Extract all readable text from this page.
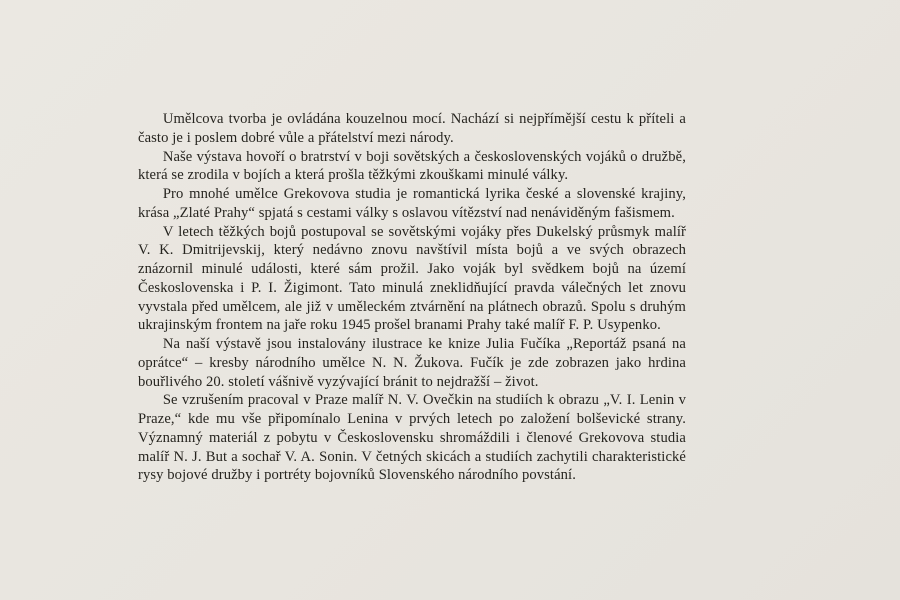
Umělcova tvorba je ovládána kouzelnou mocí. Nachází si nejpřímější cestu k příteli a často je i poslem dobré vůle a přátelství mezi národy.

Naše výstava hovoří o bratrství v boji sovětských a československých vojáků o družbě, která se zrodila v bojích a která prošla těžkými zkouškami minulé války.

Pro mnohé umělce Grekovova studia je romantická lyrika české a slovenské krajiny, krása „Zlaté Prahy“ spjatá s cestami války s oslavou vítězství nad nenáviděným fašismem.

V letech těžkých bojů postupoval se sovětskými vojáky přes Dukelský průsmyk malíř V. K. Dmitrijevskij, který nedávno znovu navštívil místa bojů a ve svých obrazech znázornil minulé události, které sám prožil. Jako voják byl svědkem bojů na území Československa i P. I. Žigimont. Tato minulá zneklidňující pravda válečných let znovu vyvstala před umělcem, ale již v uměleckém ztvárnění na plátnech obrazů. Spolu s druhým ukrajinským frontem na jaře roku 1945 prošel branami Prahy také malíř F. P. Usypenko.

Na naší výstavě jsou instalovány ilustrace ke knize Julia Fučíka „Reportáž psaná na oprátce“ – kresby národního umělce N. N. Žukova. Fučík je zde zobrazen jako hrdina bouřlivého 20. století vášnivě vyzývající bránit to nejdražší – život.

Se vzrušením pracoval v Praze malíř N. V. Ovečkin na studiích k obrazu „V. I. Lenin v Praze,“ kde mu vše připomínalo Lenina v prvých letech po založení bolševické strany. Významný materiál z pobytu v Československu shromáždili i členové Grekovova studia malíř N. J. But a sochař V. A. Sonin. V četných skicách a studiích zachytili charakteristické rysy bojové družby i portréty bojovníků Slovenského národního povstání.
